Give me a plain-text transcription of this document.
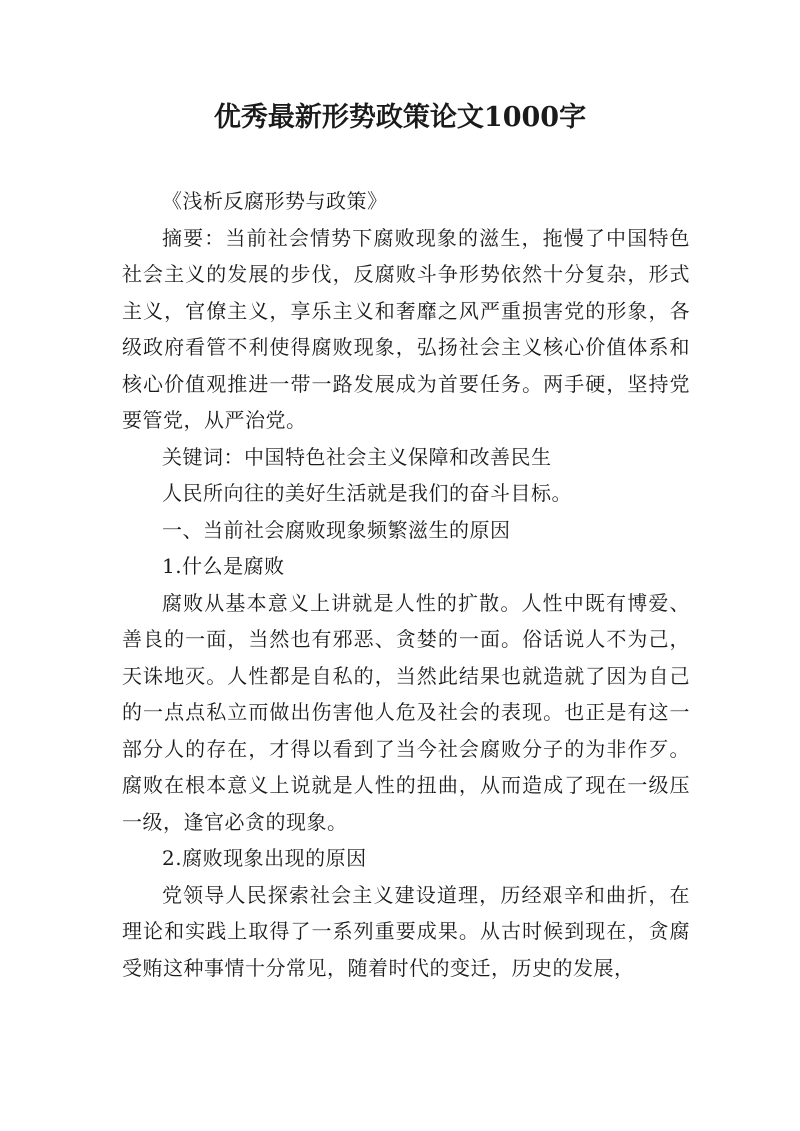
优秀最新形势政策论文1000字

《浅析反腐形势与政策》

摘要：当前社会情势下腐败现象的滋生，拖慢了中国特色社会主义的发展的步伐，反腐败斗争形势依然十分复杂，形式主义，官僚主义，享乐主义和奢靡之风严重损害党的形象，各级政府看管不利使得腐败现象，弘扬社会主义核心价值体系和核心价值观推进一带一路发展成为首要任务。两手硬，坚持党要管党，从严治党。

关键词：中国特色社会主义保障和改善民生

人民所向往的美好生活就是我们的奋斗目标。

一、当前社会腐败现象频繁滋生的原因

1.什么是腐败

腐败从基本意义上讲就是人性的扩散。人性中既有博爱、善良的一面，当然也有邪恶、贪婪的一面。俗话说人不为己，天诛地灭。人性都是自私的，当然此结果也就造就了因为自己的一点点私立而做出伤害他人危及社会的表现。也正是有这一部分人的存在，才得以看到了当今社会腐败分子的为非作歹。腐败在根本意义上说就是人性的扭曲，从而造成了现在一级压一级，逢官必贪的现象。

2.腐败现象出现的原因

党领导人民探索社会主义建设道理，历经艰辛和曲折，在理论和实践上取得了一系列重要成果。从古时候到现在，贪腐受贿这种事情十分常见，随着时代的变迁，历史的发展，
